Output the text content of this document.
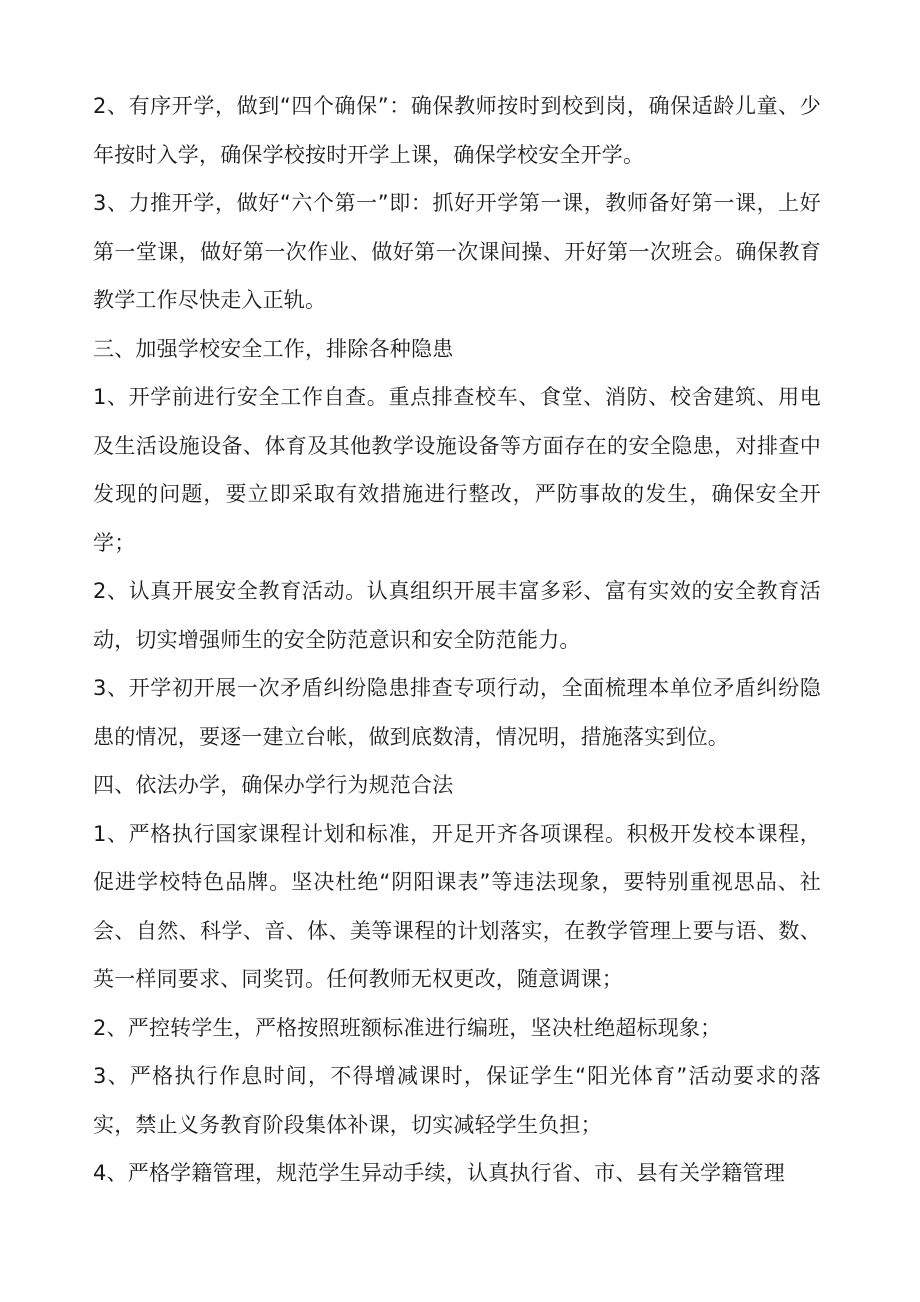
2、有序开学，做到“四个确保”：确保教师按时到校到岗，确保适龄儿童、少年按时入学，确保学校按时开学上课，确保学校安全开学。

3、力推开学，做好“六个第一”即：抓好开学第一课，教师备好第一课，上好第一堂课，做好第一次作业、做好第一次课间操、开好第一次班会。确保教育教学工作尽快走入正轨。

三、加强学校安全工作，排除各种隐患

1、开学前进行安全工作自查。重点排查校车、食堂、消防、校舍建筑、用电及生活设施设备、体育及其他教学设施设备等方面存在的安全隐患，对排查中发现的问题，要立即采取有效措施进行整改，严防事故的发生，确保安全开学；

2、认真开展安全教育活动。认真组织开展丰富多彩、富有实效的安全教育活动，切实增强师生的安全防范意识和安全防范能力。

3、开学初开展一次矛盾纠纷隐患排查专项行动，全面梳理本单位矛盾纠纷隐患的情况，要逐一建立台帐，做到底数清，情况明，措施落实到位。

四、依法办学，确保办学行为规范合法

1、严格执行国家课程计划和标准，开足开齐各项课程。积极开发校本课程，促进学校特色品牌。坚决杜绝“阴阳课表”等违法现象，要特别重视思品、社会、自然、科学、音、体、美等课程的计划落实，在教学管理上要与语、数、英一样同要求、同奖罚。任何教师无权更改，随意调课；

2、严控转学生，严格按照班额标准进行编班，坚决杜绝超标现象；

3、严格执行作息时间，不得增减课时，保证学生“阳光体育”活动要求的落实，禁止义务教育阶段集体补课，切实减轻学生负担；

4、严格学籍管理，规范学生异动手续，认真执行省、市、县有关学籍管理
